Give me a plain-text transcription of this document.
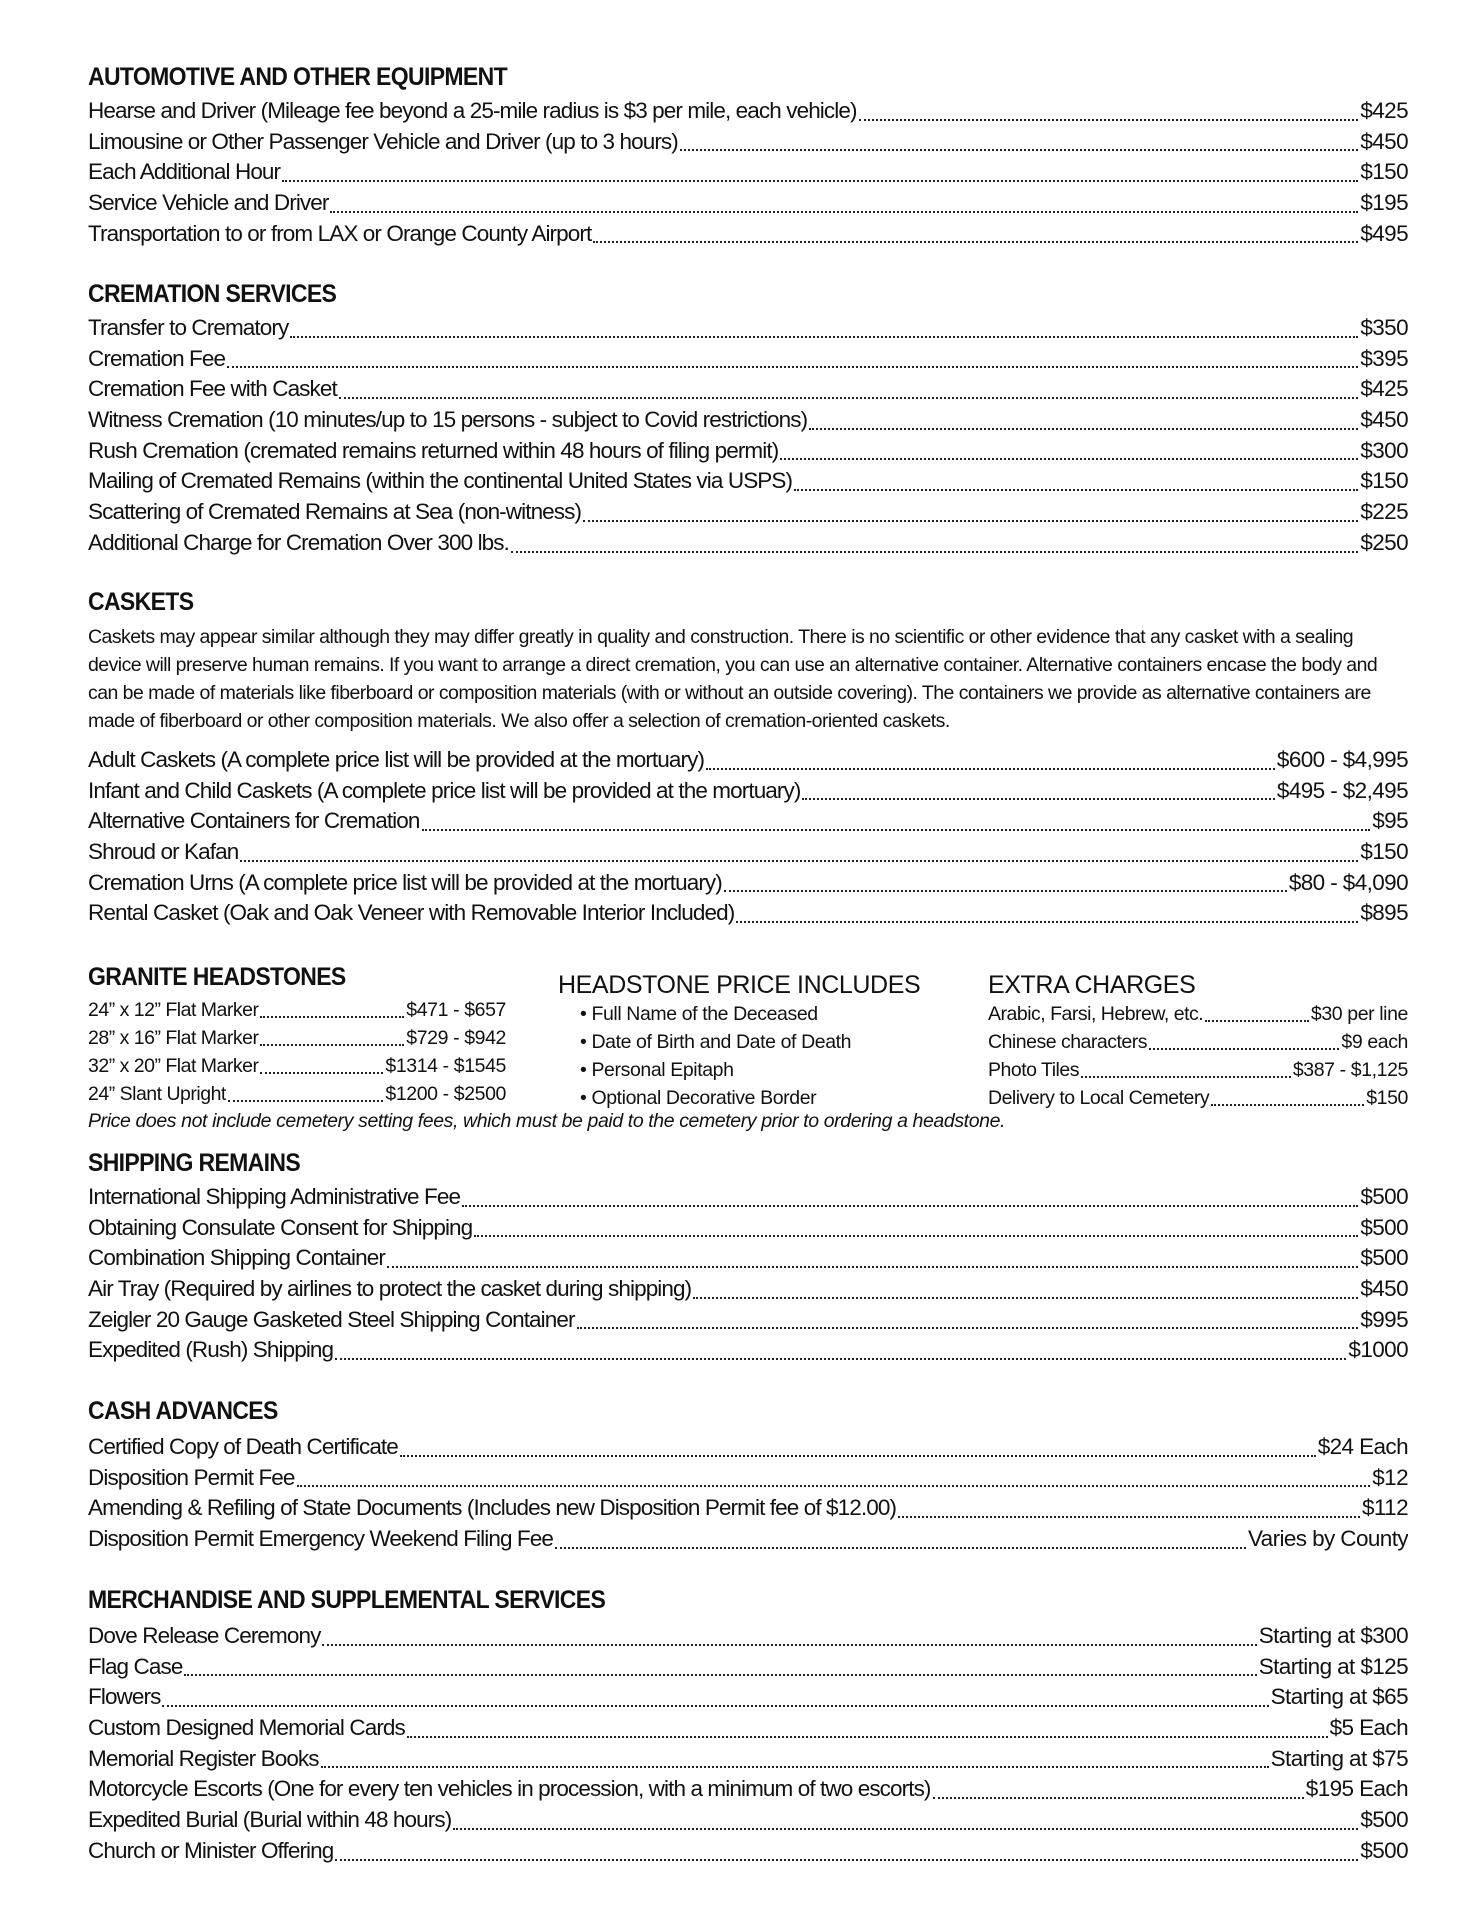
AUTOMOTIVE AND OTHER EQUIPMENT
Hearse and Driver (Mileage fee beyond a 25-mile radius is $3 per mile, each vehicle)	$425
Limousine or Other Passenger Vehicle and Driver (up to 3 hours)	$450
Each Additional Hour	$150
Service Vehicle and Driver	$195
Transportation to or from LAX or Orange County Airport	$495
CREMATION SERVICES
Transfer to Crematory	$350
Cremation Fee	$395
Cremation Fee with Casket	$425
Witness Cremation (10 minutes/up to 15 persons - subject to Covid restrictions)	$450
Rush Cremation (cremated remains returned within 48 hours of filing permit)	$300
Mailing of Cremated Remains (within the continental United States via USPS)	$150
Scattering of Cremated Remains at Sea (non-witness)	$225
Additional Charge for Cremation Over 300 lbs.	$250
CASKETS

Caskets may appear similar although they may differ greatly in quality and construction. There is no scientific or other evidence that any casket with a sealing device will preserve human remains. If you want to arrange a direct cremation, you can use an alternative container. Alternative containers encase the body and can be made of materials like fiberboard or composition materials (with or without an outside covering). The containers we provide as alternative containers are made of fiberboard or other composition materials. We also offer a selection of cremation-oriented caskets.

Adult Caskets (A complete price list will be provided at the mortuary)	$600 - $4,995
Infant and Child Caskets (A complete price list will be provided at the mortuary)	$495 - $2,495
Alternative Containers for Cremation	$95
Shroud or Kafan	$150
Cremation Urns (A complete price list will be provided at the mortuary)	$80 - $4,090
Rental Casket (Oak and Oak Veneer with Removable Interior Included)	$895
GRANITE HEADSTONES
24” x 12” Flat Marker	$471 - $657
28” x 16” Flat Marker	$729 - $942
32” x 20” Flat Marker	$1314 - $1545
24” Slant Upright	$1200 - $2500
HEADSTONE PRICE INCLUDES
• Full Name of the Deceased
• Date of Birth and Date of Death
• Personal Epitaph
• Optional Decorative Border
EXTRA CHARGES
Arabic, Farsi, Hebrew, etc.	$30 per line
Chinese characters	$9 each
Photo Tiles	$387 - $1,125
Delivery to Local Cemetery	$150
Price does not include cemetery setting fees, which must be paid to the cemetery prior to ordering a headstone.
SHIPPING REMAINS
International Shipping Administrative Fee	$500
Obtaining Consulate Consent for Shipping	$500
Combination Shipping Container	$500
Air Tray (Required by airlines to protect the casket during shipping)	$450
Zeigler 20 Gauge Gasketed Steel Shipping Container	$995
Expedited (Rush) Shipping	$1000
CASH ADVANCES
Certified Copy of Death Certificate	$24 Each
Disposition Permit Fee	$12
Amending & Refiling of State Documents (Includes new Disposition Permit fee of $12.00)	$112
Disposition Permit Emergency Weekend Filing Fee	Varies by County
MERCHANDISE AND SUPPLEMENTAL SERVICES
Dove Release Ceremony	Starting at $300
Flag Case	Starting at $125
Flowers	Starting at $65
Custom Designed Memorial Cards	$5 Each
Memorial Register Books	Starting at $75
Motorcycle Escorts (One for every ten vehicles in procession, with a minimum of two escorts)	$195 Each
Expedited Burial (Burial within 48 hours)	$500
Church or Minister Offering	$500
